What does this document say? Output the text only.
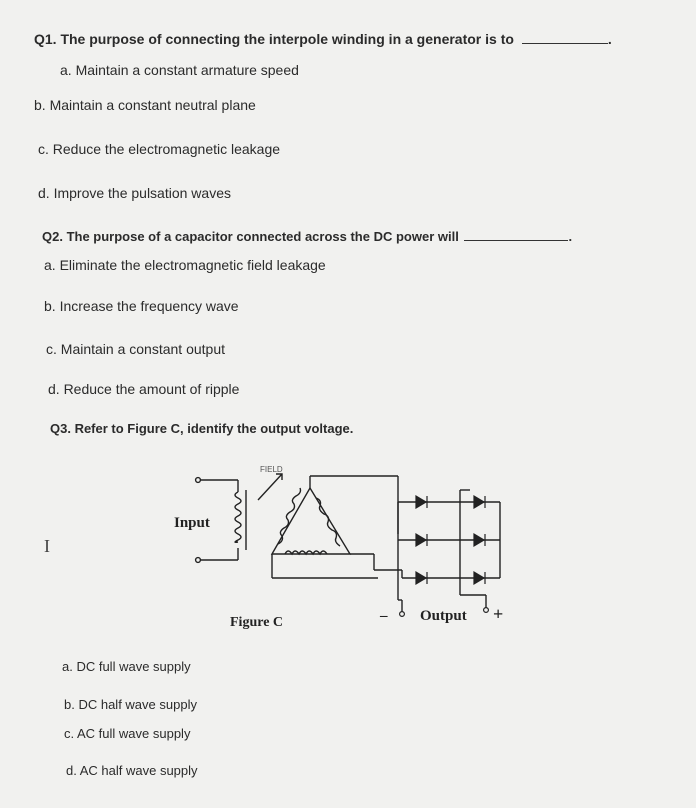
Q1. The purpose of connecting the interpole winding in a generator is to	.
a. Maintain a constant armature speed
b. Maintain a constant neutral plane
c. Reduce the electromagnetic leakage
d. Improve the pulsation waves
Q2. The purpose of a capacitor connected across the DC power will	.
a. Eliminate the electromagnetic field leakage
b. Increase the frequency wave
c. Maintain a constant output
d. Reduce the amount of ripple
Q3. Refer to Figure C, identify the output voltage.
I
FIELD
Input
Figure C	– Output +
a. DC full wave supply
b. DC half wave supply
c. AC full wave supply
d. AC half wave supply
